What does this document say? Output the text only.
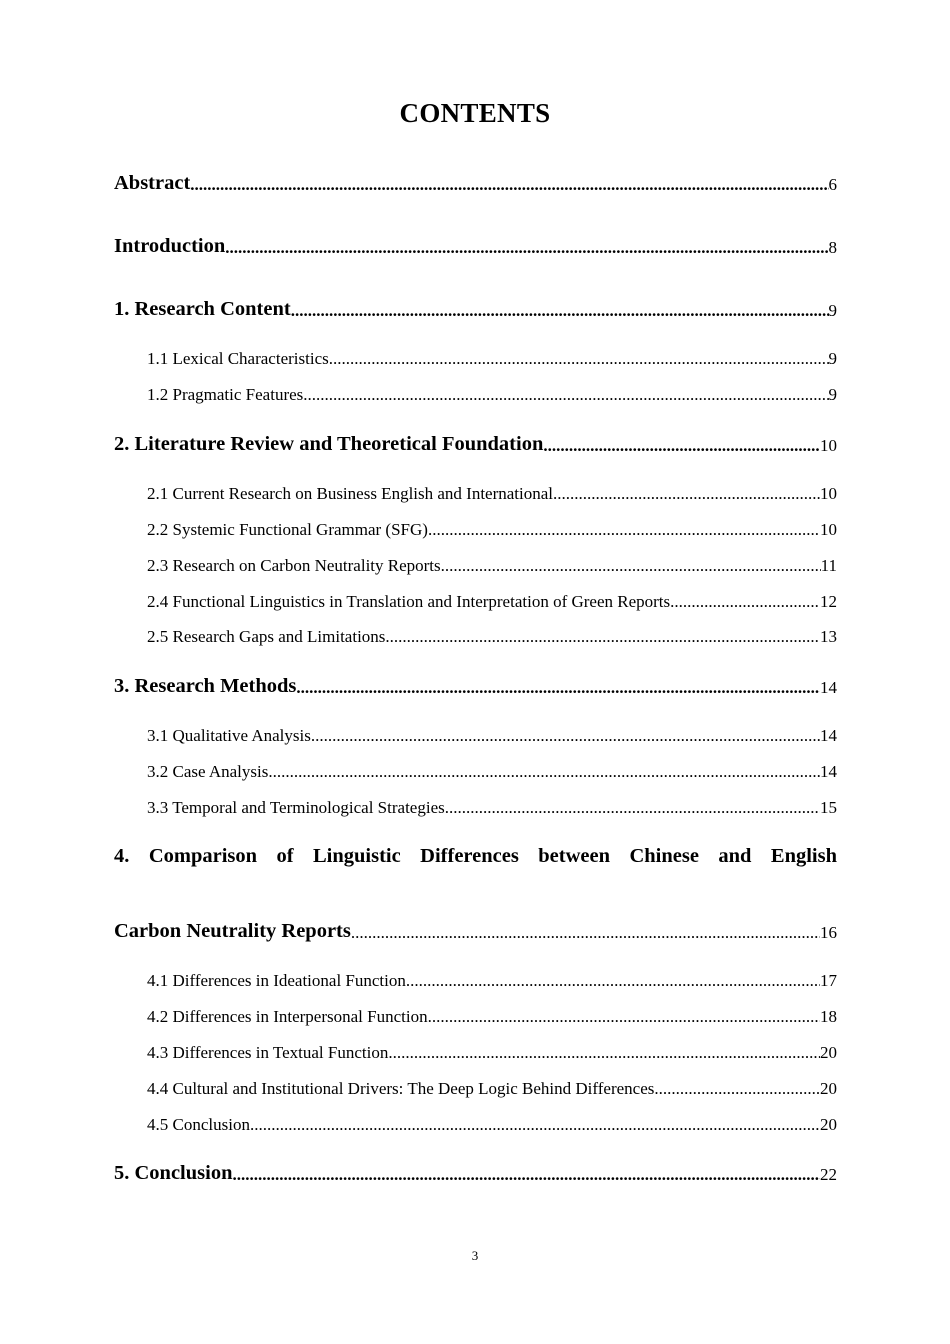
CONTENTS
Abstract .....	6
Introduction .....	8
1. Research Content .....	9
1.1 Lexical Characteristics .....	9
1.2 Pragmatic Features .....	9
2. Literature Review and Theoretical Foundation .....	10
2.1 Current Research on Business English and International .....	10
2.2 Systemic Functional Grammar (SFG) .....	10
2.3 Research on Carbon Neutrality Reports .....	11
2.4 Functional Linguistics in Translation and Interpretation of Green Reports .....	12
2.5 Research Gaps and Limitations .....	13
3. Research Methods .....	14
3.1 Qualitative Analysis .....	14
3.2 Case Analysis .....	14
3.3 Temporal and Terminological Strategies .....	15
4. Comparison of Linguistic Differences between Chinese and English
Carbon Neutrality Reports .....	16
4.1 Differences in Ideational Function .....	17
4.2 Differences in Interpersonal Function .....	18
4.3 Differences in Textual Function .....	20
4.4 Cultural and Institutional Drivers: The Deep Logic Behind Differences .....	20
4.5 Conclusion .....	20
5. Conclusion .....	22
3
